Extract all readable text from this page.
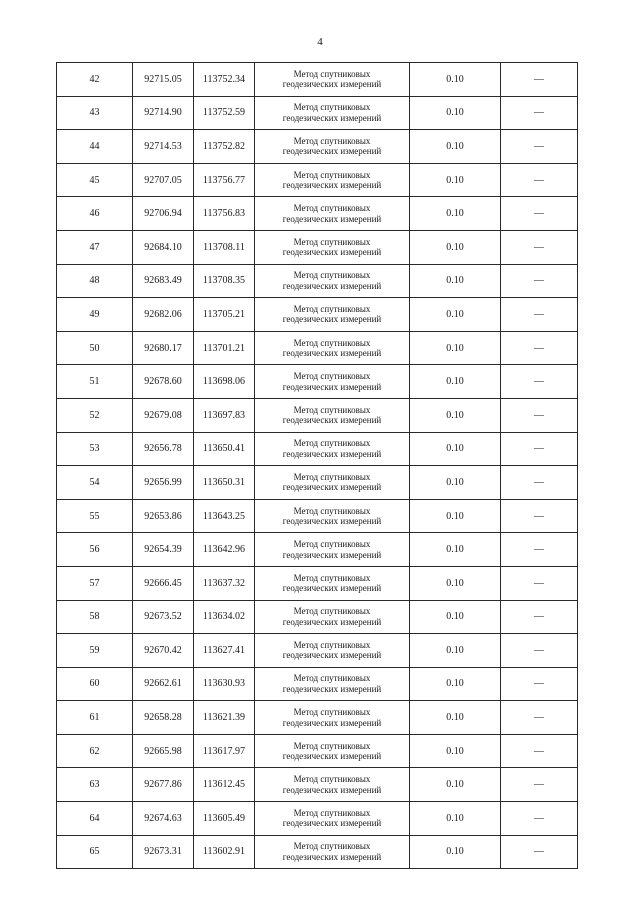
4
42	92715.05	113752.34	Метод спутниковых
геодезических измерений	0.10	—
43	92714.90	113752.59	Метод спутниковых
геодезических измерений	0.10	—
44	92714.53	113752.82	Метод спутниковых
геодезических измерений	0.10	—
45	92707.05	113756.77	Метод спутниковых
геодезических измерений	0.10	—
46	92706.94	113756.83	Метод спутниковых
геодезических измерений	0.10	—
47	92684.10	113708.11	Метод спутниковых
геодезических измерений	0.10	—
48	92683.49	113708.35	Метод спутниковых
геодезических измерений	0.10	—
49	92682.06	113705.21	Метод спутниковых
геодезических измерений	0.10	—
50	92680.17	113701.21	Метод спутниковых
геодезических измерений	0.10	—
51	92678.60	113698.06	Метод спутниковых
геодезических измерений	0.10	—
52	92679.08	113697.83	Метод спутниковых
геодезических измерений	0.10	—
53	92656.78	113650.41	Метод спутниковых
геодезических измерений	0.10	—
54	92656.99	113650.31	Метод спутниковых
геодезических измерений	0.10	—
55	92653.86	113643.25	Метод спутниковых
геодезических измерений	0.10	—
56	92654.39	113642.96	Метод спутниковых
геодезических измерений	0.10	—
57	92666.45	113637.32	Метод спутниковых
геодезических измерений	0.10	—
58	92673.52	113634.02	Метод спутниковых
геодезических измерений	0.10	—
59	92670.42	113627.41	Метод спутниковых
геодезических измерений	0.10	—
60	92662.61	113630.93	Метод спутниковых
геодезических измерений	0.10	—
61	92658.28	113621.39	Метод спутниковых
геодезических измерений	0.10	—
62	92665.98	113617.97	Метод спутниковых
геодезических измерений	0.10	—
63	92677.86	113612.45	Метод спутниковых
геодезических измерений	0.10	—
64	92674.63	113605.49	Метод спутниковых
геодезических измерений	0.10	—
65	92673.31	113602.91	Метод спутниковых
геодезических измерений	0.10	—
